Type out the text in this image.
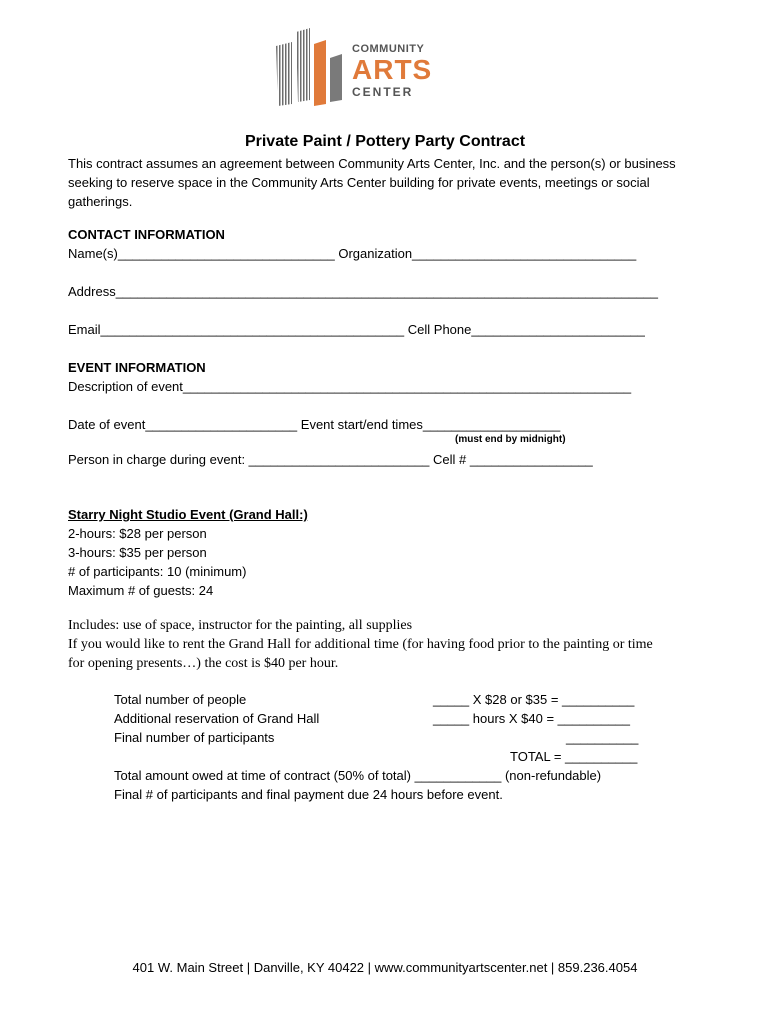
COMMUNITY
ARTS
CENTER
Private Paint / Pottery Party Contract
This contract assumes an agreement between Community Arts Center, Inc. and the person(s) or business seeking to reserve space in the Community Arts Center building for private events, meetings or social gatherings.
CONTACT INFORMATION
Name(s)______________________________ Organization_______________________________
Address___________________________________________________________________________
Email__________________________________________ Cell Phone________________________
EVENT INFORMATION
Description of event______________________________________________________________
Date of event_____________________ Event start/end times___________________
(must end by midnight)
Person in charge during event: _________________________ Cell # _________________
Starry Night Studio Event (Grand Hall:)
2-hours: $28 per person
3-hours: $35 per person
# of participants: 10 (minimum)
Maximum # of guests: 24
Includes: use of space, instructor for the painting, all supplies
If you would like to rent the Grand Hall for additional time (for having food prior to the painting or time
for opening presents…) the cost is $40 per hour.
Total number of people
Additional reservation of Grand Hall
Final number of participants
_____ X $28 or $35 = __________
_____ hours X $40 = __________
__________
TOTAL = __________
Total amount owed at time of contract (50% of total) ____________ (non-refundable)
Final # of participants and final payment due 24 hours before event.
401 W. Main Street | Danville, KY 40422 | www.communityartscenter.net | 859.236.4054
